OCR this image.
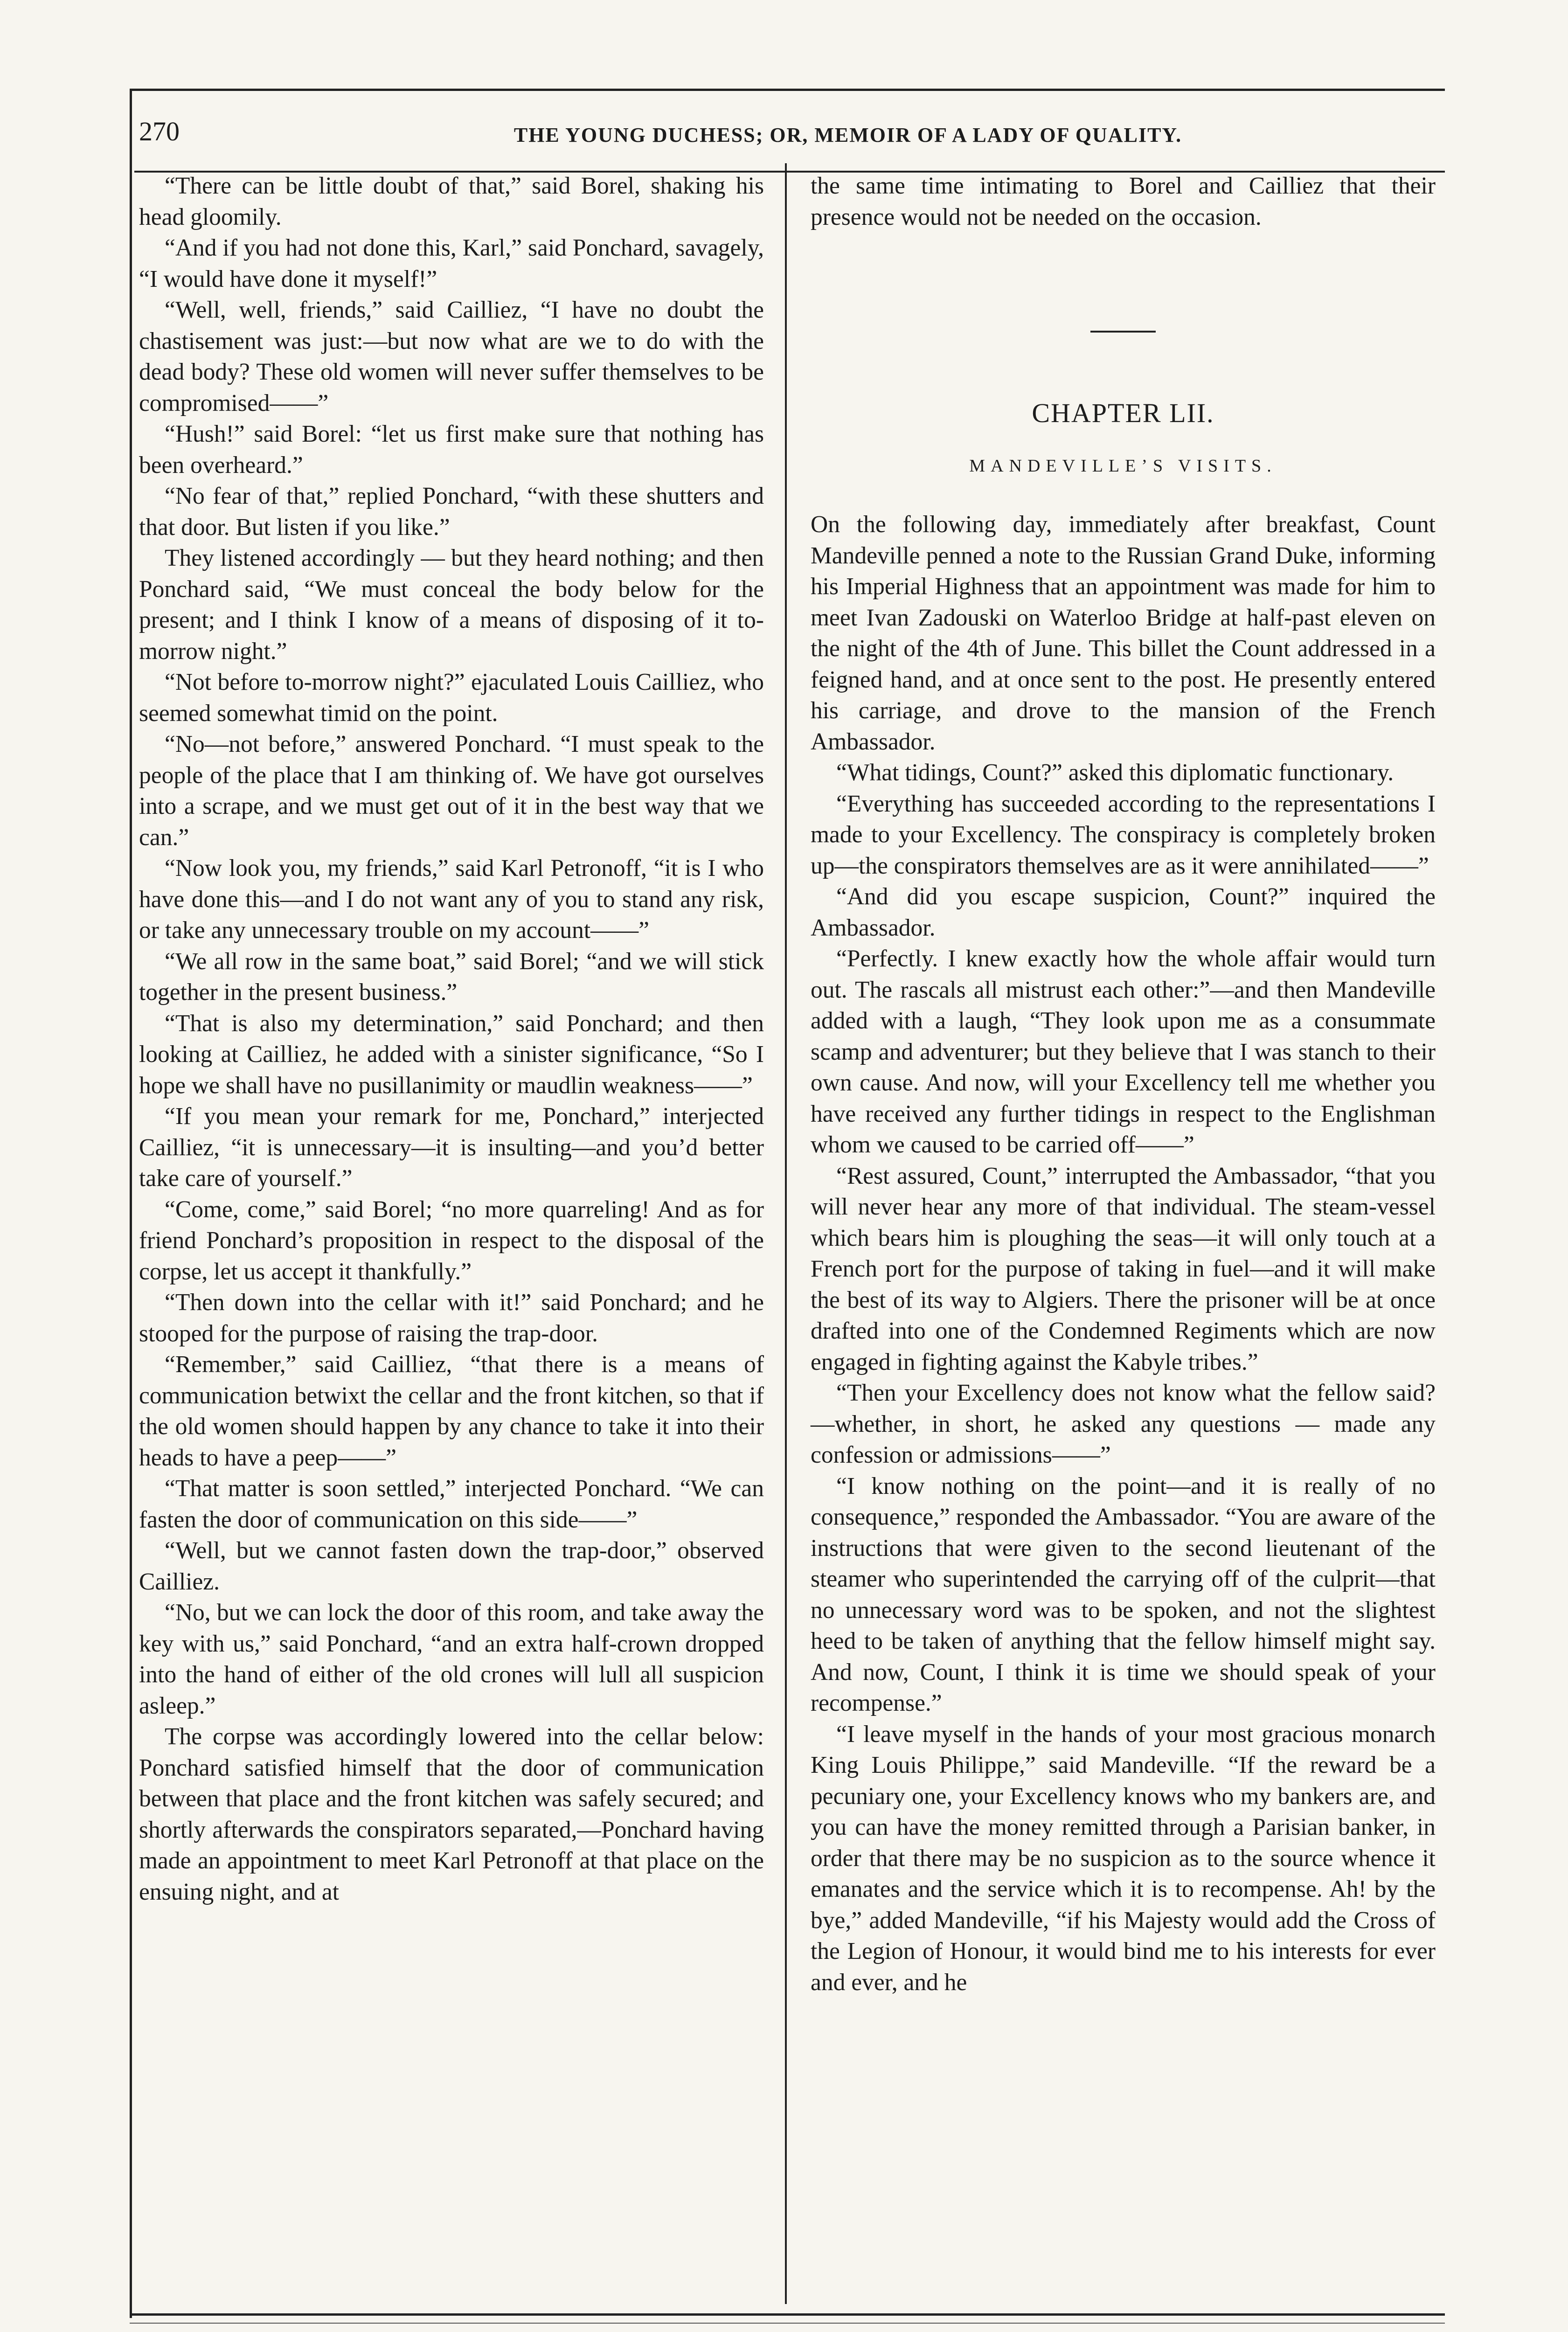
270	THE YOUNG DUCHESS; OR, MEMOIR OF A LADY OF QUALITY.

“There can be little doubt of that,” said Borel, shaking his head gloomily.

“And if you had not done this, Karl,” said Ponchard, savagely, “I would have done it myself!”

“Well, well, friends,” said Cailliez, “I have no doubt the chastisement was just:—but now what are we to do with the dead body? These old women will never suffer themselves to be compromised——”

“Hush!” said Borel: “let us first make sure that nothing has been overheard.”

“No fear of that,” replied Ponchard, “with these shutters and that door. But listen if you like.”

They listened accordingly — but they heard nothing; and then Ponchard said, “We must conceal the body below for the present; and I think I know of a means of disposing of it to-morrow night.”

“Not before to-morrow night?” ejaculated Louis Cailliez, who seemed somewhat timid on the point.

“No—not before,” answered Ponchard. “I must speak to the people of the place that I am thinking of. We have got ourselves into a scrape, and we must get out of it in the best way that we can.”

“Now look you, my friends,” said Karl Petronoff, “it is I who have done this—and I do not want any of you to stand any risk, or take any unnecessary trouble on my account——”

“We all row in the same boat,” said Borel; “and we will stick together in the present business.”

“That is also my determination,” said Ponchard; and then looking at Cailliez, he added with a sinister significance, “So I hope we shall have no pusillanimity or maudlin weakness——”

“If you mean your remark for me, Ponchard,” interjected Cailliez, “it is unnecessary—it is insulting—and you’d better take care of yourself.”

“Come, come,” said Borel; “no more quarreling! And as for friend Ponchard’s proposition in respect to the disposal of the corpse, let us accept it thankfully.”

“Then down into the cellar with it!” said Ponchard; and he stooped for the purpose of raising the trap-door.

“Remember,” said Cailliez, “that there is a means of communication betwixt the cellar and the front kitchen, so that if the old women should happen by any chance to take it into their heads to have a peep——”

“That matter is soon settled,” interjected Ponchard. “We can fasten the door of communication on this side——”

“Well, but we cannot fasten down the trap-door,” observed Cailliez.

“No, but we can lock the door of this room, and take away the key with us,” said Ponchard, “and an extra half-crown dropped into the hand of either of the old crones will lull all suspicion asleep.”

The corpse was accordingly lowered into the cellar below: Ponchard satisfied himself that the door of communication between that place and the front kitchen was safely secured; and shortly afterwards the conspirators separated,—Ponchard having made an appointment to meet Karl Petronoff at that place on the ensuing night, and at

the same time intimating to Borel and Cailliez that their presence would not be needed on the occasion.

CHAPTER LII.
MANDEVILLE’S VISITS.

On the following day, immediately after breakfast, Count Mandeville penned a note to the Russian Grand Duke, informing his Imperial Highness that an appointment was made for him to meet Ivan Zadouski on Waterloo Bridge at half-past eleven on the night of the 4th of June. This billet the Count addressed in a feigned hand, and at once sent to the post. He presently entered his carriage, and drove to the mansion of the French Ambassador.

“What tidings, Count?” asked this diplomatic functionary.

“Everything has succeeded according to the representations I made to your Excellency. The conspiracy is completely broken up—the conspirators themselves are as it were annihilated——”

“And did you escape suspicion, Count?” inquired the Ambassador.

“Perfectly. I knew exactly how the whole affair would turn out. The rascals all mistrust each other:”—and then Mandeville added with a laugh, “They look upon me as a consummate scamp and adventurer; but they believe that I was stanch to their own cause. And now, will your Excellency tell me whether you have received any further tidings in respect to the Englishman whom we caused to be carried off——”

“Rest assured, Count,” interrupted the Ambassador, “that you will never hear any more of that individual. The steam-vessel which bears him is ploughing the seas—it will only touch at a French port for the purpose of taking in fuel—and it will make the best of its way to Algiers. There the prisoner will be at once drafted into one of the Condemned Regiments which are now engaged in fighting against the Kabyle tribes.”

“Then your Excellency does not know what the fellow said?—whether, in short, he asked any questions — made any confession or admissions——”

“I know nothing on the point—and it is really of no consequence,” responded the Ambassador. “You are aware of the instructions that were given to the second lieutenant of the steamer who superintended the carrying off of the culprit—that no unnecessary word was to be spoken, and not the slightest heed to be taken of anything that the fellow himself might say. And now, Count, I think it is time we should speak of your recompense.”

“I leave myself in the hands of your most gracious monarch King Louis Philippe,” said Mandeville. “If the reward be a pecuniary one, your Excellency knows who my bankers are, and you can have the money remitted through a Parisian banker, in order that there may be no suspicion as to the source whence it emanates and the service which it is to recompense. Ah! by the bye,” added Mandeville, “if his Majesty would add the Cross of the Legion of Honour, it would bind me to his interests for ever and ever, and he
